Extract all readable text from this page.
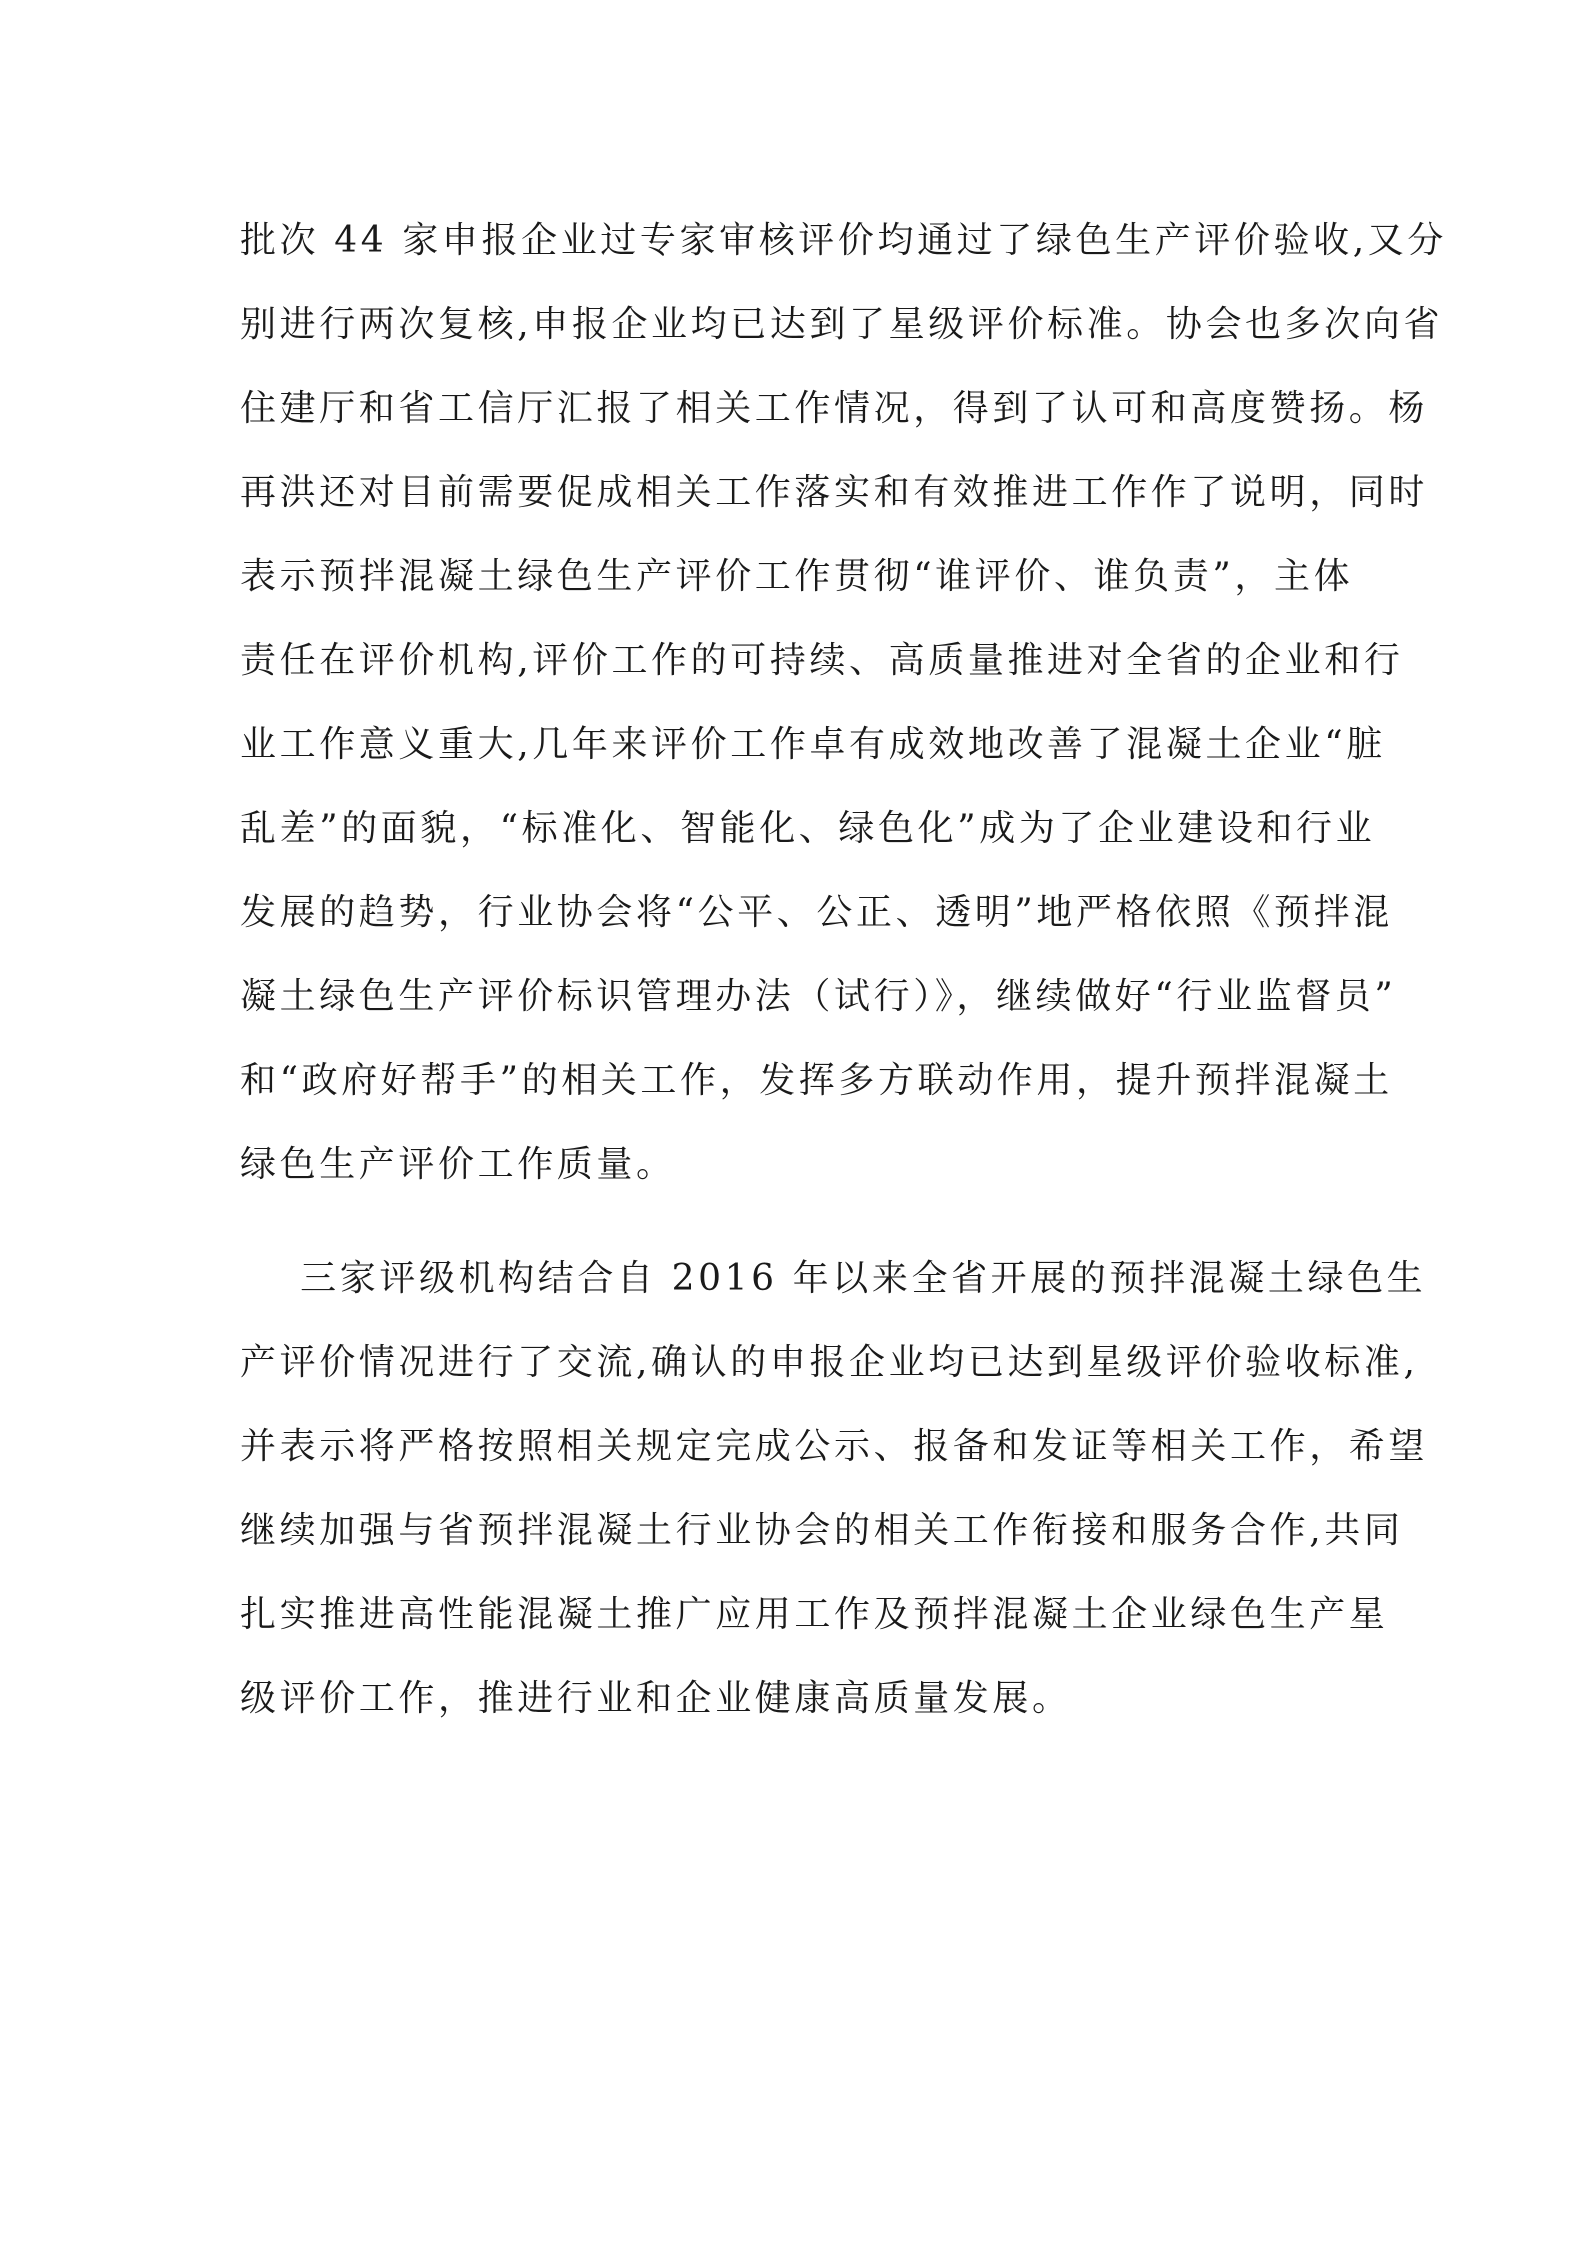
批次 44 家申报企业过专家审核评价均通过了绿色生产评价验收,又分
别进行两次复核,申报企业均已达到了星级评价标准。协会也多次向省
住建厅和省工信厅汇报了相关工作情况，得到了认可和高度赞扬。杨
再洪还对目前需要促成相关工作落实和有效推进工作作了说明，同时
表示预拌混凝土绿色生产评价工作贯彻“谁评价、谁负责”，主体
责任在评价机构,评价工作的可持续、高质量推进对全省的企业和行
业工作意义重大,几年来评价工作卓有成效地改善了混凝土企业“脏
乱差”的面貌，“标准化、智能化、绿色化”成为了企业建设和行业
发展的趋势，行业协会将“公平、公正、透明”地严格依照《预拌混
凝土绿色生产评价标识管理办法（试行）》，继续做好“行业监督员”
和“政府好帮手”的相关工作，发挥多方联动作用，提升预拌混凝土
绿色生产评价工作质量。
三家评级机构结合自 2016 年以来全省开展的预拌混凝土绿色生
产评价情况进行了交流,确认的申报企业均已达到星级评价验收标准,
并表示将严格按照相关规定完成公示、报备和发证等相关工作，希望
继续加强与省预拌混凝土行业协会的相关工作衔接和服务合作,共同
扎实推进高性能混凝土推广应用工作及预拌混凝土企业绿色生产星
级评价工作，推进行业和企业健康高质量发展。
